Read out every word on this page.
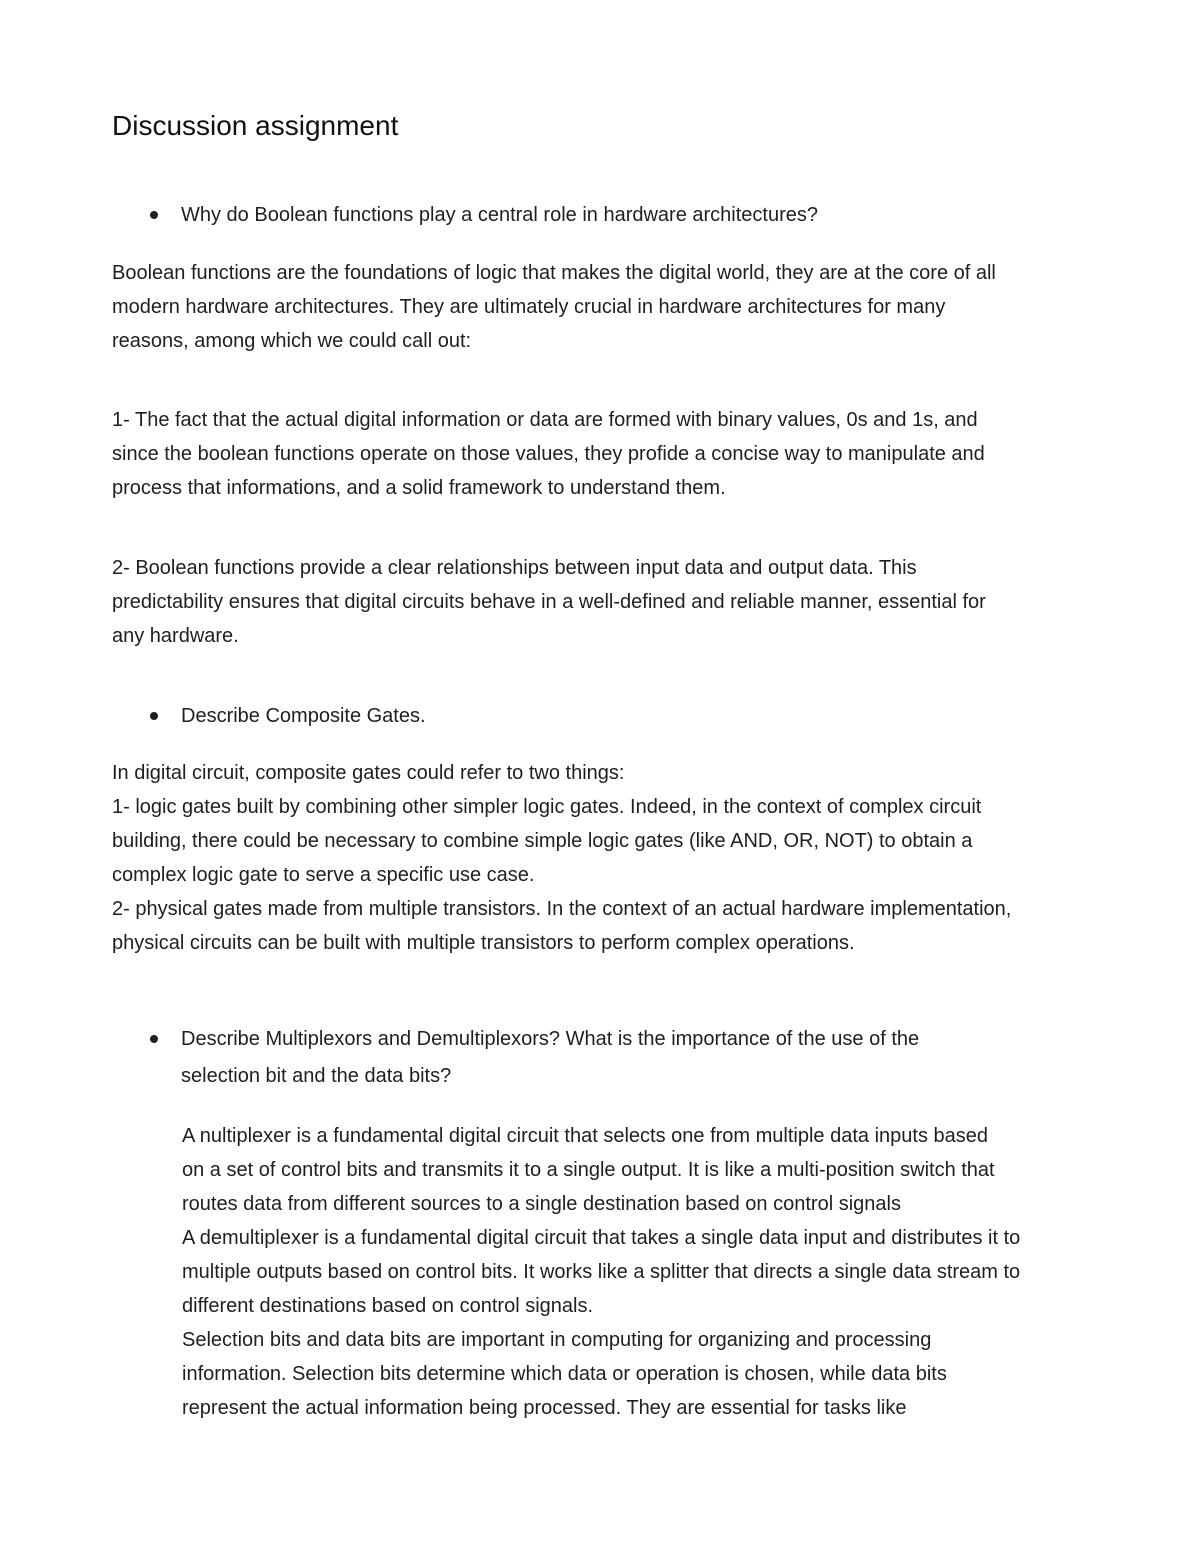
Discussion assignment
Why do Boolean functions play a central role in hardware architectures?

Boolean functions are the foundations of logic that makes the digital world, they are at the core of all
modern hardware architectures. They are ultimately crucial in hardware architectures for many
reasons, among which we could call out:

1- The fact that the actual digital information or data are formed with binary values, 0s and 1s, and
since the boolean functions operate on those values, they profide a concise way to manipulate and
process that informations, and a solid framework to understand them.

2- Boolean functions provide a clear relationships between input data and output data. This
predictability ensures that digital circuits behave in a well-defined and reliable manner, essential for
any hardware.

Describe Composite Gates.

In digital circuit, composite gates could refer to two things:
1- logic gates built by combining other simpler logic gates. Indeed, in the context of complex circuit
building, there could be necessary to combine simple logic gates (like AND, OR, NOT) to obtain a
complex logic gate to serve a specific use case.
2- physical gates made from multiple transistors. In the context of an actual hardware implementation,
physical circuits can be built with multiple transistors to perform complex operations.

Describe Multiplexors and Demultiplexors? What is the importance of the use of the
selection bit and the data bits?

A nultiplexer is a fundamental digital circuit that selects one from multiple data inputs based
on a set of control bits and transmits it to a single output. It is like a multi-position switch that
routes data from different sources to a single destination based on control signals
A demultiplexer is a fundamental digital circuit that takes a single data input and distributes it to
multiple outputs based on control bits. It works like a splitter that directs a single data stream to
different destinations based on control signals.
Selection bits and data bits are important in computing for organizing and processing
information. Selection bits determine which data or operation is chosen, while data bits
represent the actual information being processed. They are essential for tasks like
